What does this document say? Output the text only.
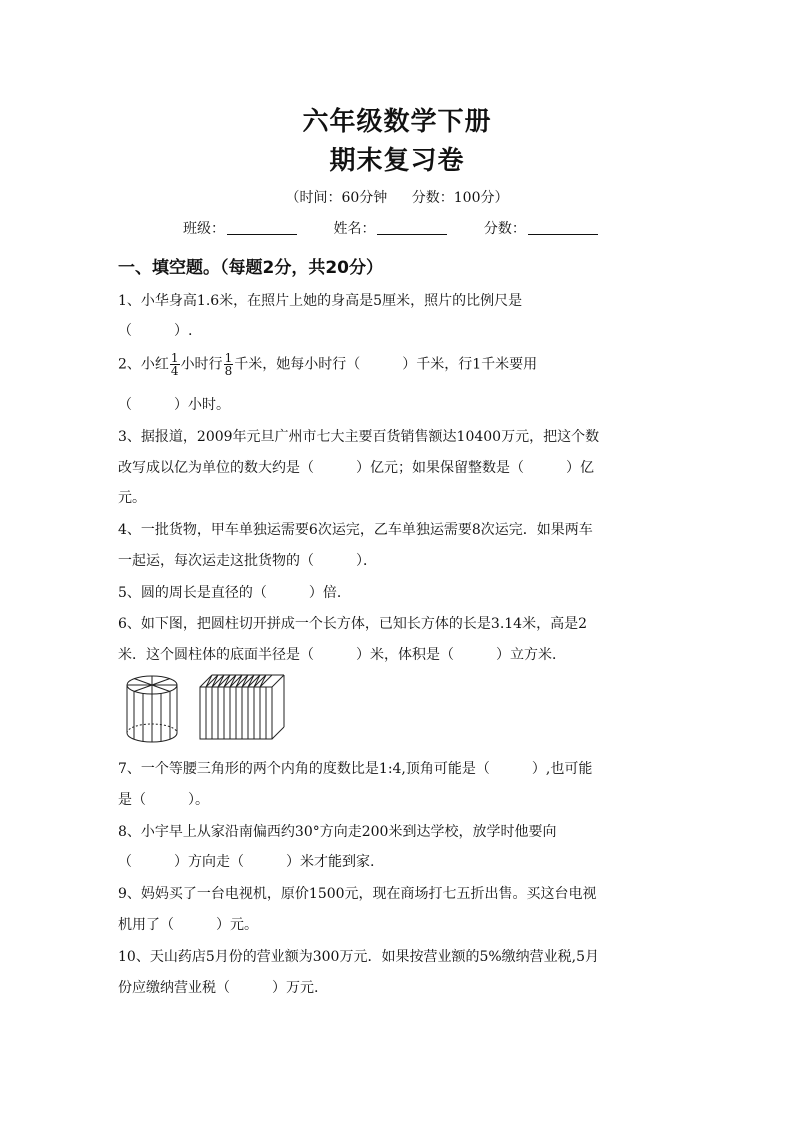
六年级数学下册
期末复习卷
（时间：60分钟 分数：100分）
班级：	姓名：	分数：
一、填空题。（每题2分，共20分）
1、小华身高1.6米，在照片上她的身高是5厘米，照片的比例尺是
（　　　）.
2、小红 $\frac{1}{4}$ 小时行 $\frac{1}{8}$ 千米，她每小时行（　　　）千米，行1千米要用
（　　　）小时。
3、据报道，2009年元旦广州市七大主要百货销售额达10400万元，把这个数
改写成以亿为单位的数大约是（　　　）亿元；如果保留整数是（　　　）亿
元。
4、一批货物，甲车单独运需要6次运完，乙车单独运需要8次运完．如果两车
一起运，每次运走这批货物的（　　　）．
5、圆的周长是直径的（　　　）倍．
6、如下图，把圆柱切开拼成一个长方体，已知长方体的长是3.14米，高是2
米．这个圆柱体的底面半径是（　　　）米，体积是（　　　）立方米．
7、一个等腰三角形的两个内角的度数比是1:4,顶角可能是（　　　）,也可能
是（　　　）。
8、小宇早上从家沿南偏西约30°方向走200米到达学校，放学时他要向
（　　　）方向走（　　　）米才能到家.
9、妈妈买了一台电视机，原价1500元，现在商场打七五折出售。买这台电视
机用了（　　　）元。
10、天山药店5月份的营业额为300万元．如果按营业额的5%缴纳营业税,5月
份应缴纳营业税（　　　）万元.
